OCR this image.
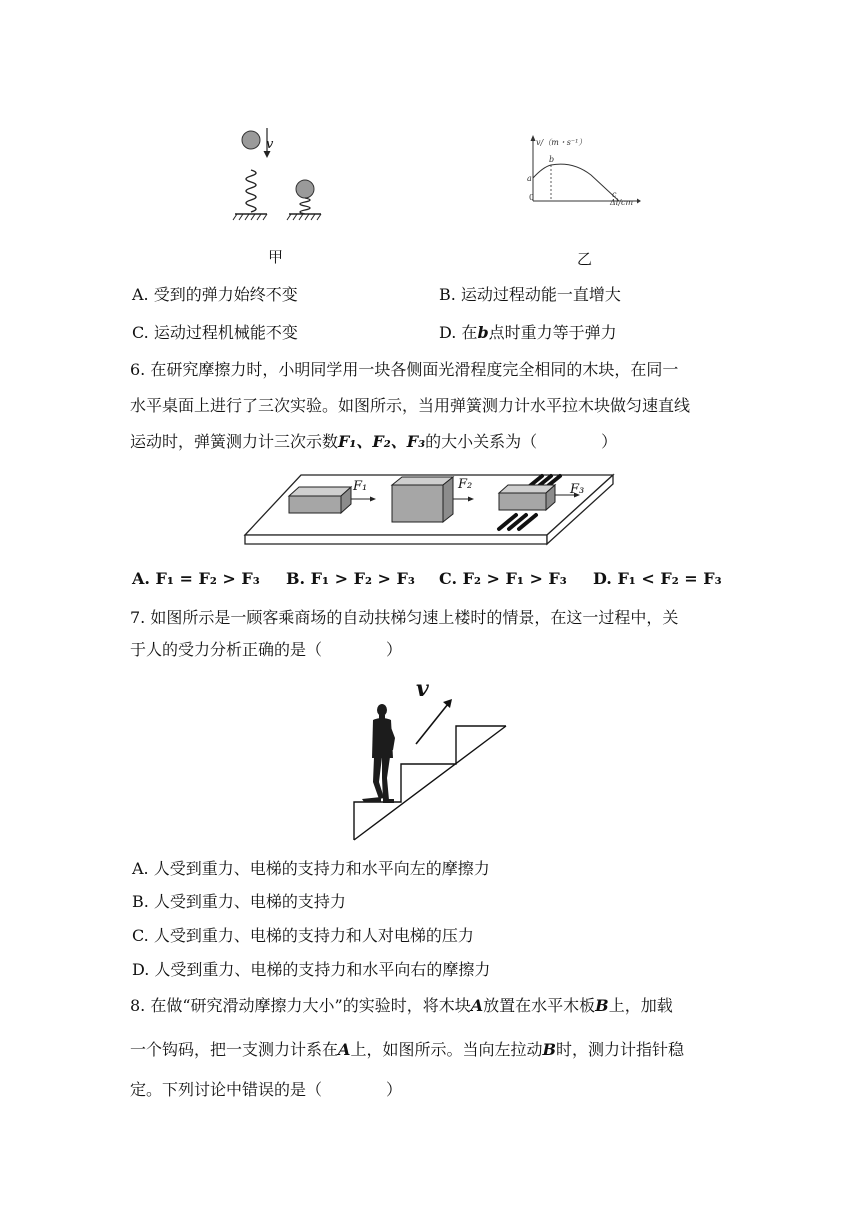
v	v/（m・s⁻¹）
Δl/cm
0
a
b
c
甲	乙
A. 受到的弹力始终不变	B. 运动过程动能一直增大
C. 运动过程机械能不变	D. 在b点时重力等于弹力
6. 在研究摩擦力时，小明同学用一块各侧面光滑程度完全相同的木块，在同一
水平桌面上进行了三次实验。如图所示，当用弹簧测力计水平拉木块做匀速直线
运动时，弹簧测力计三次示数F₁、F₂、F₃的大小关系为（　　　　）
F₁	F₂	F₃
A. F₁ = F₂ > F₃ B. F₁ > F₂ > F₃ C. F₂ > F₁ > F₃ D. F₁ < F₂ = F₃
7. 如图所示是一顾客乘商场的自动扶梯匀速上楼时的情景，在这一过程中，关
于人的受力分析正确的是（　　　　）
v
A. 人受到重力、电梯的支持力和水平向左的摩擦力
B. 人受到重力、电梯的支持力
C. 人受到重力、电梯的支持力和人对电梯的压力
D. 人受到重力、电梯的支持力和水平向右的摩擦力
8. 在做“研究滑动摩擦力大小”的实验时，将木块A放置在水平木板B上，加载
一个钩码，把一支测力计系在A上，如图所示。当向左拉动B时，测力计指针稳
定。下列讨论中错误的是（　　　　）
